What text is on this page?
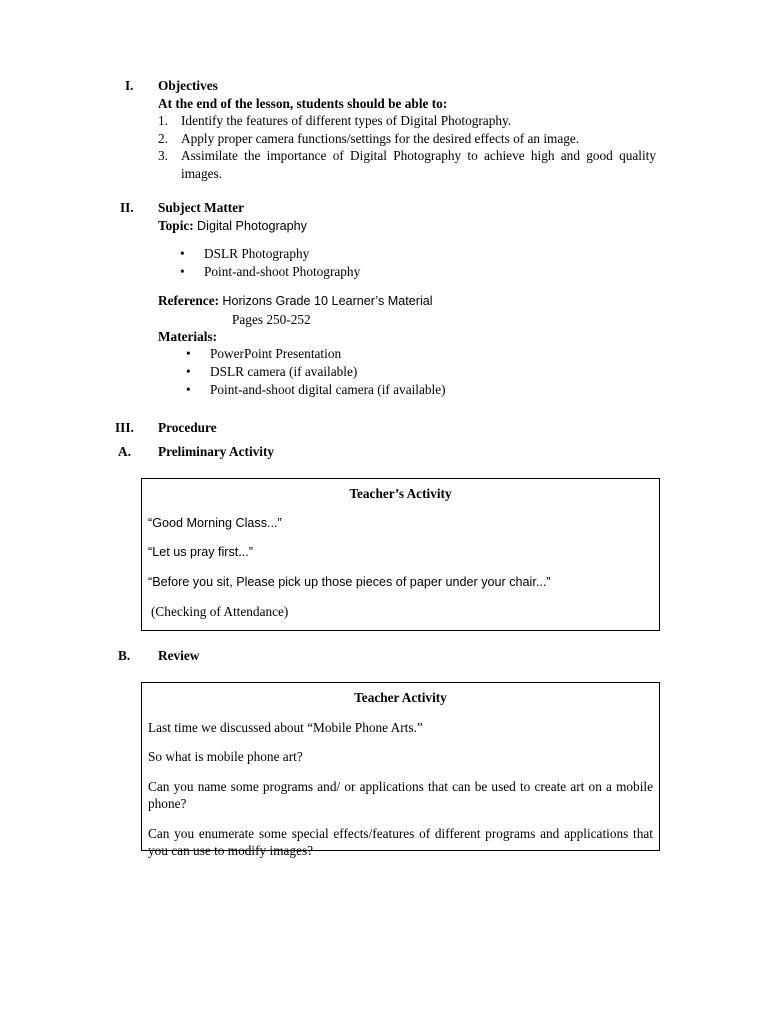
I. Objectives
At the end of the lesson, students should be able to:
1. Identify the features of different types of Digital Photography.
2. Apply proper camera functions/settings for the desired effects of an image.
3. Assimilate the importance of Digital Photography to achieve high and good quality images.
II. Subject Matter
Topic: Digital Photography
• DSLR Photography
• Point-and-shoot Photography
Reference: Horizons Grade 10 Learner’s Material
Pages 250-252
Materials:
• PowerPoint Presentation
• DSLR camera (if available)
• Point-and-shoot digital camera (if available)
III. Procedure
A. Preliminary Activity
Teacher’s Activity

“Good Morning Class...”

“Let us pray first...”

“Before you sit, Please pick up those pieces of paper under your chair...”

(Checking of Attendance)

B. Review
Teacher Activity

Last time we discussed about “Mobile Phone Arts.”

So what is mobile phone art?

Can you name some programs and/ or applications that can be used to create art on a mobile phone?

Can you enumerate some special effects/features of different programs and applications that you can use to modify images?
